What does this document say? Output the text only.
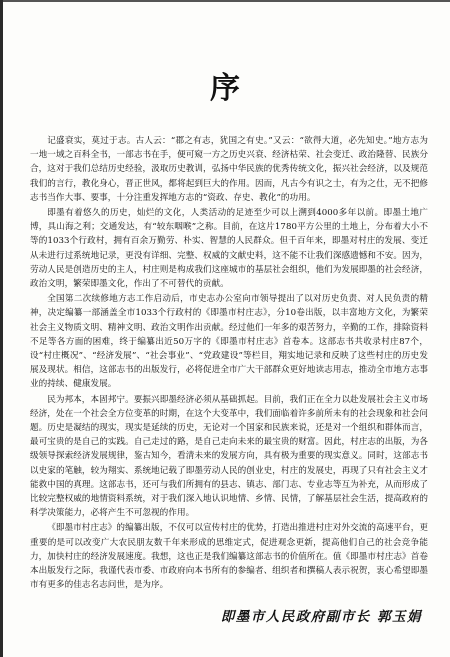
序

记盛衰实，莫过于志。古人云：“郡之有志，犹国之有史。”又云：“欲得大道，必先知史。”地方志为一地一域之百科全书，一部志书在手，便可窥一方之历史兴衰、经济枯荣、社会变迁、政治隆替、民族分合，这对于我们总结历史经验，汲取历史教训，弘扬中华民族的优秀传统文化，振兴社会经济，以及规范我们的言行，教化身心，晋正世风，都将起到巨大的作用。因而，凡古今有识之士，有为之仕，无不把修志书当作大事、要事，十分注重发挥地方志的“资政、存史、教化”的功用。

即墨有着悠久的历史，灿烂的文化，人类活动的足迹至少可以上溯到4000多年以前。即墨土地广博，具山海之利；交通发达，有“较东咽喉”之称。目前，在这片1780平方公里的土地上，分布着大小不等的1033个行政村，拥有百余万勤劳、朴实、智慧的人民群众。但千百年来，即墨对村庄的发展、变迁从未进行过系统地记录，更没有详细、完整、权威的文献史料，这不能不让我们深感遗憾和不安。因为，劳动人民是创造历史的主人，村庄则是构成我们这座城市的基层社会组织，他们为发展即墨的社会经济，政治文明，繁荣即墨文化，作出了不可替代的贡献。

全国第二次续修地方志工作启动后，市史志办公室向市领导提出了以对历史负责、对人民负责的精神，决定编纂一部涵盖全市1033个行政村的《即墨市村庄志》，分10卷出版，以丰富地方文化，为繁荣社会主义物质文明、精神文明、政治文明作出贡献。经过他们一年多的艰苦努力，辛勤的工作，排除资料不足等各方面的困难，终于编纂出近50万字的《即墨市村庄志》首卷本。这部志书共收录村庄87个，设“村庄概况”、“经济发展”、“社会事业”、“党政建设”等栏目，翔实地记录和反映了这些村庄的历史发展及现状。相信，这部志书的出版发行，必将促进全市广大干部群众更好地读志用志，推动全市地方志事业的持续、健康发展。

民为邦本，本固邦宁。要振兴即墨经济必须从基础抓起。目前，我们正在全力以赴发展社会主义市场经济，处在一个社会全方位变革的时期，在这个大变革中，我们面临着许多前所未有的社会现象和社会问题。历史是凝结的现实，现实是延续的历史，无论对一个国家和民族来说，还是对一个组织和群体而言，最可宝贵的是自己的实践。自己走过的路，是自己走向未来的最宝贵的财富。因此，村庄志的出版，为各级领导探索经济发展规律，鉴古知今，看清未来的发展方向，具有极为重要的现实意义。同时，这部志书以史家的笔触，较为翔实、系统地记载了即墨劳动人民的创业史，村庄的发展史，再现了只有社会主义才能救中国的真理。这部志书，还可与我们所拥有的县志、镇志、部门志、专业志等互为补充，从而形成了比较完整权威的地情资料系统，对于我们深入地认识地情、乡情、民情，了解基层社会生活，提高政府的科学决策能力，必将产生不可忽视的作用。

《即墨市村庄志》的编纂出版，不仅可以宣传村庄的优势，打造出推进村庄对外交流的高速平台，更重要的是可以改变广大农民朋友数千年来形成的思维定式，促进观念更新，提高他们自己的社会竞争能力，加快村庄的经济发展速度。我想，这也正是我们编纂这部志书的价值所在。值《即墨市村庄志》首卷本出版发行之际，我谨代表市委、市政府向本书所有的参编者、组织者和撰稿人表示祝贺，衷心希望即墨市有更多的佳志名志问世，是为序。

即墨市人民政府副市长 郭玉娟
